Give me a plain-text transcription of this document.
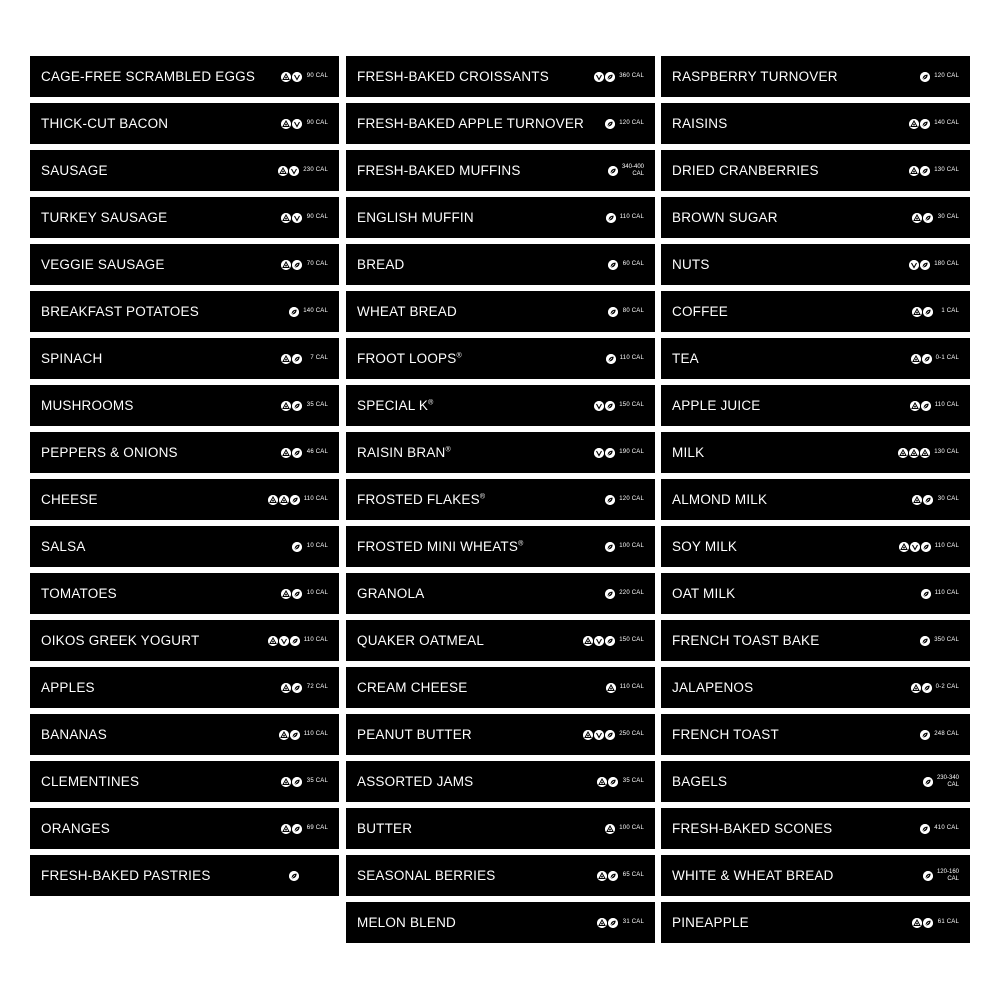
CAGE-FREE SCRAMBLED EGGS	90 CAL
THICK-CUT BACON	90 CAL
SAUSAGE	230 CAL
TURKEY SAUSAGE	90 CAL
VEGGIE SAUSAGE	70 CAL
BREAKFAST POTATOES	140 CAL
SPINACH	7 CAL
MUSHROOMS	35 CAL
PEPPERS & ONIONS	46 CAL
CHEESE	110 CAL
SALSA	10 CAL
TOMATOES	10 CAL
OIKOS GREEK YOGURT	110 CAL
APPLES	72 CAL
BANANAS	110 CAL
CLEMENTINES	35 CAL
ORANGES	69 CAL
FRESH-BAKED PASTRIES
FRESH-BAKED CROISSANTS	360 CAL
FRESH-BAKED APPLE TURNOVER	120 CAL
FRESH-BAKED MUFFINS	340-400
CAL
ENGLISH MUFFIN	110 CAL
BREAD	60 CAL
WHEAT BREAD	80 CAL
FROOT LOOPS®	110 CAL
SPECIAL K®	150 CAL
RAISIN BRAN®	190 CAL
FROSTED FLAKES®	120 CAL
FROSTED MINI WHEATS®	100 CAL
GRANOLA	220 CAL
QUAKER OATMEAL	150 CAL
CREAM CHEESE	110 CAL
PEANUT BUTTER	250 CAL
ASSORTED JAMS	35 CAL
BUTTER	100 CAL
SEASONAL BERRIES	65 CAL
MELON BLEND	31 CAL
RASPBERRY TURNOVER	120 CAL
RAISINS	140 CAL
DRIED CRANBERRIES	130 CAL
BROWN SUGAR	30 CAL
NUTS	180 CAL
COFFEE	1 CAL
TEA	0-1 CAL
APPLE JUICE	110 CAL
MILK	130 CAL
ALMOND MILK	30 CAL
SOY MILK	110 CAL
OAT MILK	110 CAL
FRENCH TOAST BAKE	350 CAL
JALAPENOS	0-2 CAL
FRENCH TOAST	248 CAL
BAGELS	230-340
CAL
FRESH-BAKED SCONES	410 CAL
WHITE & WHEAT BREAD	120-160
CAL
PINEAPPLE	61 CAL
